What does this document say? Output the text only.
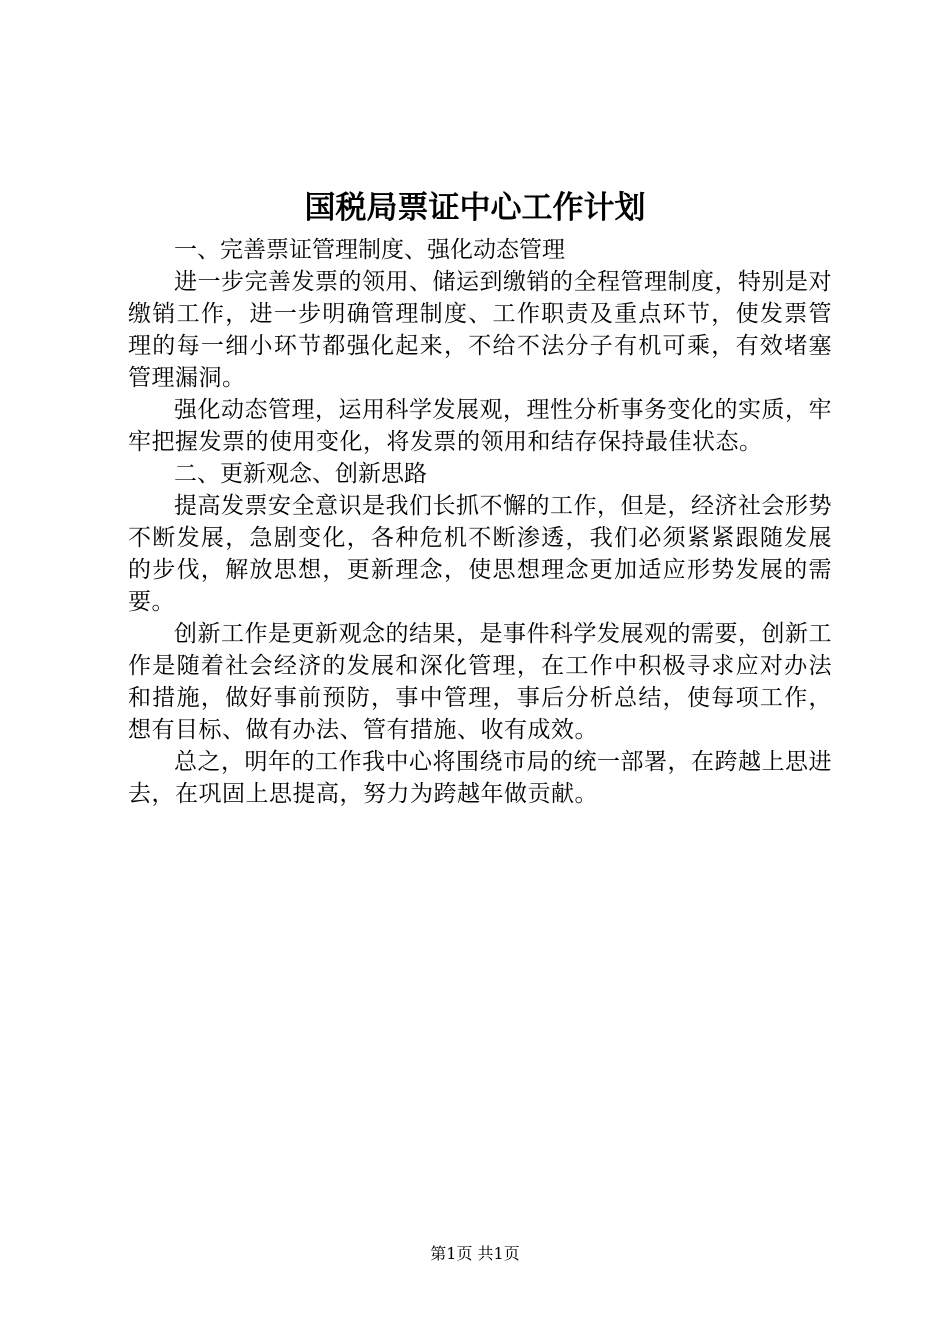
国税局票证中心工作计划

一、完善票证管理制度、强化动态管理

进一步完善发票的领用、储运到缴销的全程管理制度，特别是对缴销工作，进一步明确管理制度、工作职责及重点环节，使发票管理的每一细小环节都强化起来，不给不法分子有机可乘，有效堵塞管理漏洞。

强化动态管理，运用科学发展观，理性分析事务变化的实质，牢牢把握发票的使用变化，将发票的领用和结存保持最佳状态。

二、更新观念、创新思路

提高发票安全意识是我们长抓不懈的工作，但是，经济社会形势不断发展，急剧变化，各种危机不断渗透，我们必须紧紧跟随发展的步伐，解放思想，更新理念，使思想理念更加适应形势发展的需要。

创新工作是更新观念的结果，是事件科学发展观的需要，创新工作是随着社会经济的发展和深化管理，在工作中积极寻求应对办法和措施，做好事前预防，事中管理，事后分析总结，使每项工作，想有目标、做有办法、管有措施、收有成效。

总之，明年的工作我中心将围绕市局的统一部署，在跨越上思进去，在巩固上思提高，努力为跨越年做贡献。

第1页 共1页
